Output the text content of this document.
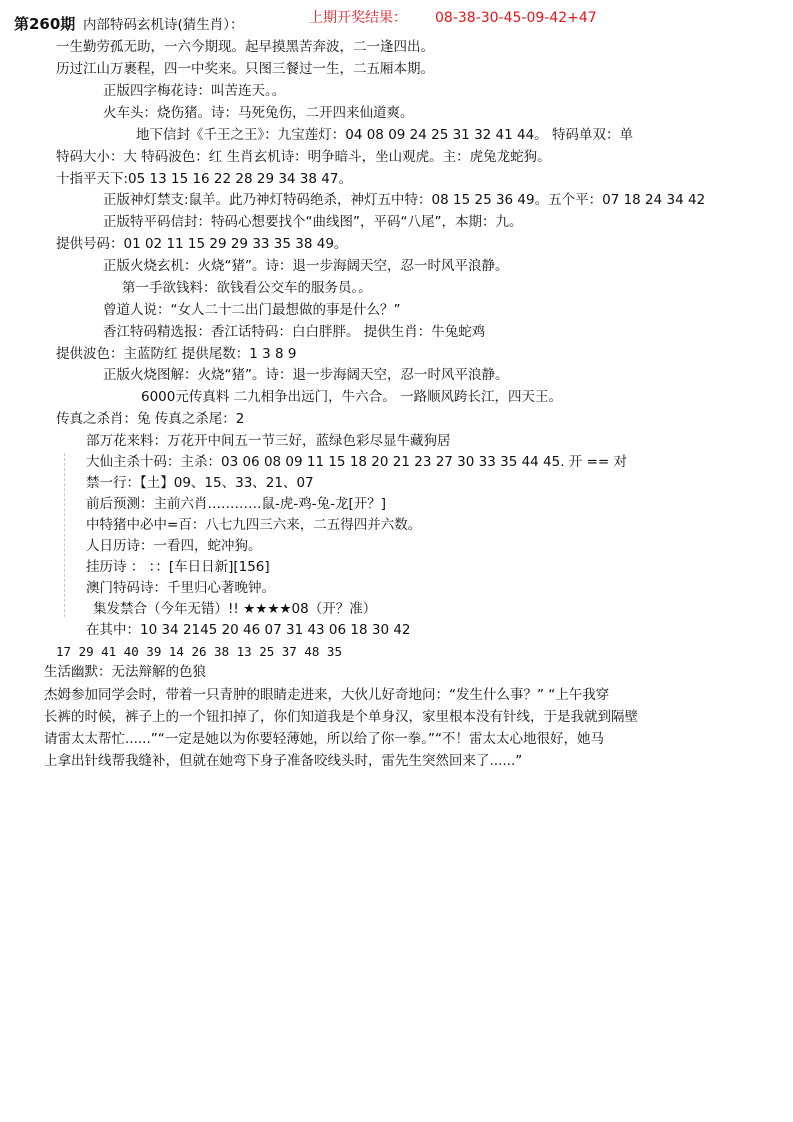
第260期 内部特码玄机诗(猜生肖）：	上期开奖结果： 08-38-30-45-09-42+47
一生勤劳孤无助，一六今期现。起早摸黑苦奔波，二一逢四出。
历过江山万裹程，四一中奖来。只图三餐过一生，二五厢本期。
正版四字梅花诗：叫苦连天。。
火车头：烧伤猪。诗：马死兔伤，二开四来仙道爽。
地下信封《千王之王》：九宝莲灯：04 08 09 24 25 31 32 41 44。 特码单双：单
特码大小：大 特码波色：红 生肖玄机诗：明争暗斗，坐山观虎。主：虎兔龙蛇狗。
十指平天下:05 13 15 16 22 28 29 34 38 47。
正版神灯禁支:鼠羊。此乃神灯特码绝杀，神灯五中特：08 15 25 36 49。五个平：07 18 24 34 42
正版特平码信封：特码心想要找个“曲线图”，平码“八尾”，本期：九。
提供号码：01 02 11 15 29 29 33 35 38 49。
正版火烧玄机：火烧“猪”。诗：退一步海阔天空，忍一时风平浪静。
第一手欲钱料：欲钱看公交车的服务员。。
曾道人说：“女人二十二出门最想做的事是什么？”
香江特码精选报：香江话特码：白白胖胖。 提供生肖：牛兔蛇鸡
提供波色：主蓝防红 提供尾数：1 3 8 9
正版火烧图解：火烧“猪”。诗：退一步海阔天空，忍一时风平浪静。
6000元传真料 二九相争出远门，牛六合。 一路顺风跨长江，四天王。
传真之杀肖：兔 传真之杀尾：2
部万花来料：万花开中间五一节三好，蓝绿色彩尽显牛藏狗居
大仙主杀十码：主杀：03 06 08 09 11 15 18 20 21 23 27 30 33 35 44 45. 开 == 对
禁一行：【土】09、15、33、21、07
前后预测：主前六肖…………鼠-虎-鸡-兔-龙[开？]
中特猪中必中=百：八七九四三六来，二五得四并六数。
人日历诗：一看四，蛇冲狗。
挂历诗 ： ：：[车日日新][156]
澳门特码诗：千里归心著晚钟。
集发禁合（今年无错）!! ★★★★08（开？准）
在其中：10 34 2145 20 46 07 31 43 06 18 30 42
17 29 41 40 39 14 26 38 13 25 37 48 35
生活幽默：无法辩解的色狼
杰姆参加同学会时，带着一只青肿的眼睛走进来，大伙儿好奇地问：“发生什么事？” “上午我穿
长裤的时候，裤子上的一个钮扣掉了，你们知道我是个单身汉，家里根本没有针线，于是我就到隔壁
请雷太太帮忙......”“一定是她以为你要轻薄她，所以给了你一拳。”“不！雷太太心地很好，她马
上拿出针线帮我缝补，但就在她弯下身子准备咬线头时，雷先生突然回来了......”
